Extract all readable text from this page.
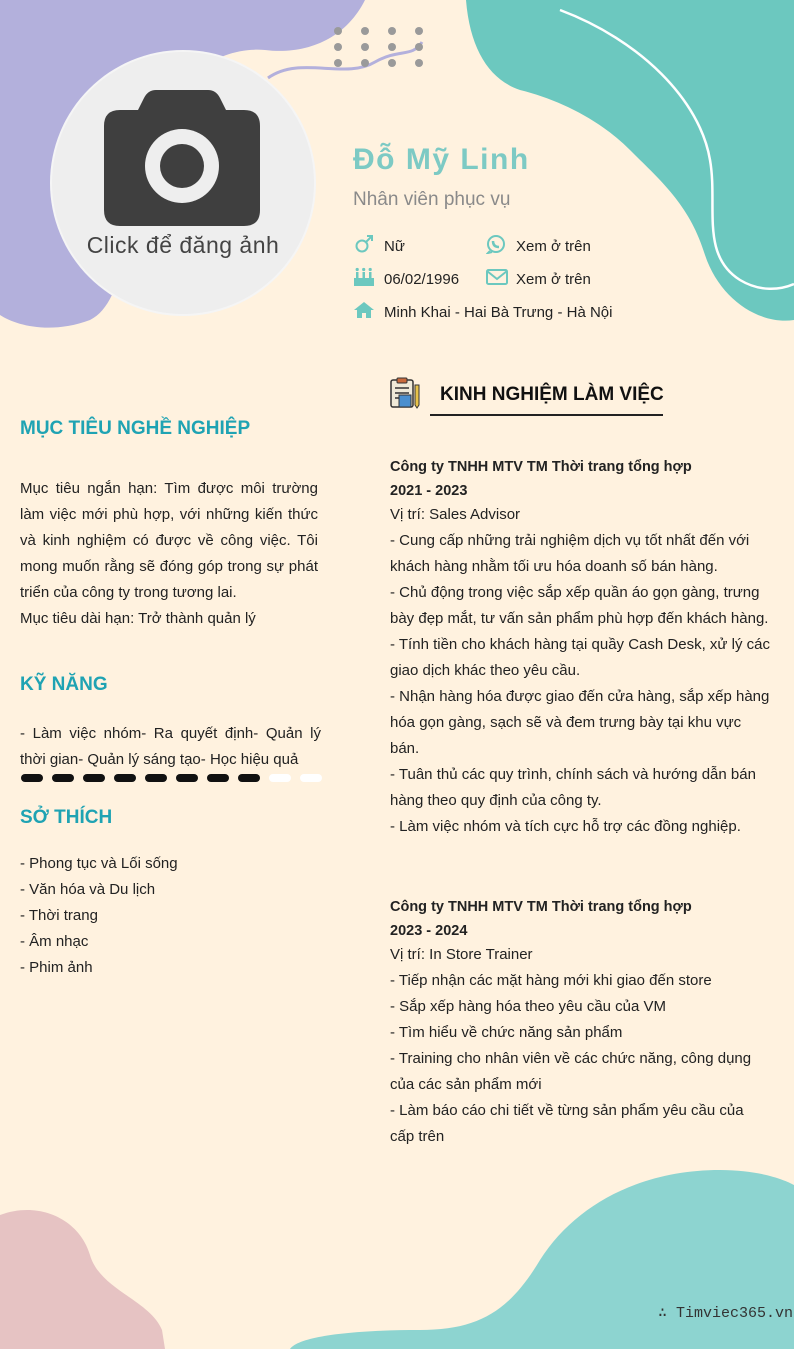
Click để đăng ảnh
Đỗ Mỹ Linh
Nhân viên phục vụ
Nữ	Xem ở trên
06/02/1996	Xem ở trên
Minh Khai - Hai Bà Trưng - Hà Nội
MỤC TIÊU NGHỀ NGHIỆP
Mục tiêu ngắn hạn: Tìm được môi trường làm việc mới phù hợp, với những kiến thức và kinh nghiệm có được về công việc. Tôi mong muốn rằng sẽ đóng góp trong sự phát triển của công ty trong tương lai.
Mục tiêu dài hạn: Trở thành quản lý
KỸ NĂNG
- Làm việc nhóm- Ra quyết định- Quản lý thời gian- Quản lý sáng tạo- Học hiệu quả
SỞ THÍCH
- Phong tục và Lối sống
- Văn hóa và Du lịch
- Thời trang
- Âm nhạc
- Phim ảnh
KINH NGHIỆM LÀM VIỆC

Công ty TNHH MTV TM Thời trang tổng hợp

2021 - 2023

Vị trí: Sales Advisor

- Cung cấp những trải nghiệm dịch vụ tốt nhất đến với khách hàng nhằm tối ưu hóa doanh số bán hàng.

- Chủ động trong việc sắp xếp quần áo gọn gàng, trưng bày đẹp mắt, tư vấn sản phẩm phù hợp đến khách hàng.

- Tính tiền cho khách hàng tại quầy Cash Desk, xử lý các giao dịch khác theo yêu cầu.

- Nhận hàng hóa được giao đến cửa hàng, sắp xếp hàng hóa gọn gàng, sạch sẽ và đem trưng bày tại khu vực bán.

- Tuân thủ các quy trình, chính sách và hướng dẫn bán hàng theo quy định của công ty.

- Làm việc nhóm và tích cực hỗ trợ các đồng nghiệp.

Công ty TNHH MTV TM Thời trang tổng hợp

2023 - 2024

Vị trí: In Store Trainer

- Tiếp nhận các mặt hàng mới khi giao đến store

- Sắp xếp hàng hóa theo yêu cầu của VM

- Tìm hiểu về chức năng sản phẩm

- Training cho nhân viên về các chức năng, công dụng của các sản phẩm mới

- Làm báo cáo chi tiết về từng sản phẩm yêu cầu của cấp trên

∴ Timviec365.vn
